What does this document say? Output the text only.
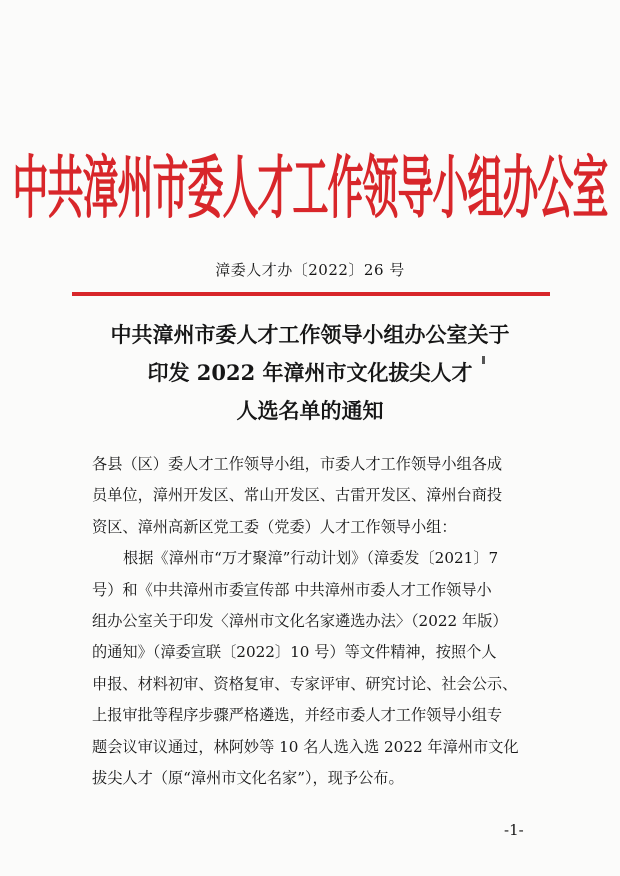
中共漳州市委人才工作领导小组办公室
漳委人才办〔2022〕26 号
中共漳州市委人才工作领导小组办公室关于
印发 2022 年漳州市文化拔尖人才
人选名单的通知

各县（区）委人才工作领导小组，市委人才工作领导小组各成
员单位，漳州开发区、常山开发区、古雷开发区、漳州台商投
资区、漳州高新区党工委（党委）人才工作领导小组：

根据《漳州市“万才聚漳”行动计划》（漳委发〔2021〕7
号）和《中共漳州市委宣传部 中共漳州市委人才工作领导小
组办公室关于印发〈漳州市文化名家遴选办法〉（2022 年版）
的通知》（漳委宣联〔2022〕10 号）等文件精神，按照个人
申报、材料初审、资格复审、专家评审、研究讨论、社会公示、
上报审批等程序步骤严格遴选，并经市委人才工作领导小组专
题会议审议通过，林阿妙等 10 名人选入选 2022 年漳州市文化
拔尖人才（原“漳州市文化名家”），现予公布。

-1-
